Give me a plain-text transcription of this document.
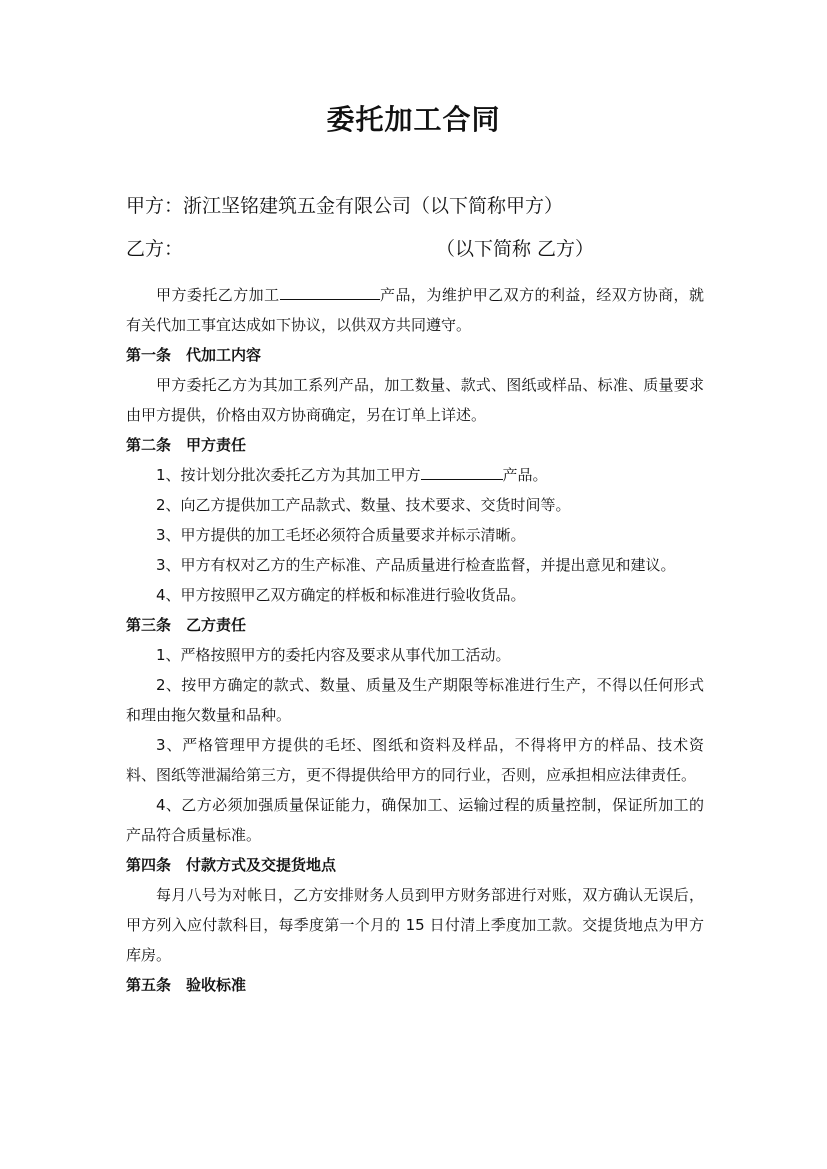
委托加工合同
甲方：浙江坚铭建筑五金有限公司（以下简称甲方）
乙方：	（以下简称 乙方）

甲方委托乙方加工	产品，为维护甲乙双方的利益，经双方协商，就有关代加工事宜达成如下协议，以供双方共同遵守。

第一条　代加工内容

甲方委托乙方为其加工系列产品，加工数量、款式、图纸或样品、标准、质量要求由甲方提供，价格由双方协商确定，另在订单上详述。

第二条　甲方责任

1、按计划分批次委托乙方为其加工甲方	产品。

2、向乙方提供加工产品款式、数量、技术要求、交货时间等。

3、甲方提供的加工毛坯必须符合质量要求并标示清晰。

3、甲方有权对乙方的生产标准、产品质量进行检查监督，并提出意见和建议。

4、甲方按照甲乙双方确定的样板和标准进行验收货品。

第三条　乙方责任

1、严格按照甲方的委托内容及要求从事代加工活动。

2、按甲方确定的款式、数量、质量及生产期限等标准进行生产，不得以任何形式和理由拖欠数量和品种。

3、严格管理甲方提供的毛坯、图纸和资料及样品，不得将甲方的样品、技术资料、图纸等泄漏给第三方，更不得提供给甲方的同行业，否则，应承担相应法律责任。

4、乙方必须加强质量保证能力，确保加工、运输过程的质量控制，保证所加工的产品符合质量标准。

第四条　付款方式及交提货地点

每月八号为对帐日，乙方安排财务人员到甲方财务部进行对账，双方确认无误后，甲方列入应付款科目，每季度第一个月的 15 日付清上季度加工款。交提货地点为甲方库房。

第五条　验收标准
